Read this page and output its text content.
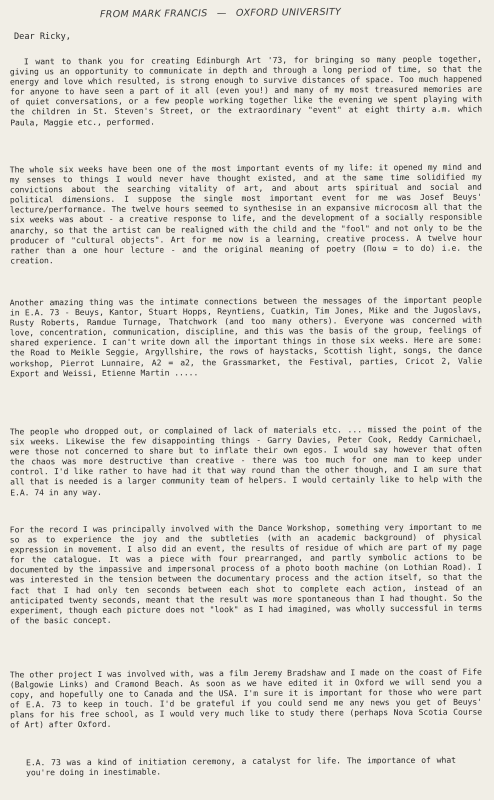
FROM MARK FRANCIS — OXFORD UNIVERSITY
Dear Ricky,

I want to thank you for creating Edinburgh Art '73, for bringing so many people together, giving us an opportunity to communicate in depth and through a long period of time, so that the energy and love which resulted, is strong enough to survive distances of space. Too much happened for anyone to have seen a part of it all (even you!) and many of my most treasured memories are of quiet conversations, or a few people working together like the evening we spent playing with the children in St. Steven's Street, or the extraordinary "event" at eight thirty a.m. which Paula, Maggie etc., performed.

The whole six weeks have been one of the most important events of my life: it opened my mind and my senses to things I would never have thought existed, and at the same time solidified my convictions about the searching vitality of art, and about arts spiritual and social and political dimensions. I suppose the single most important event for me was Josef Beuys' lecture/performance. The twelve hours seemed to synthesise in an expansive microcosm all that the six weeks was about - a creative response to life, and the development of a socially responsible anarchy, so that the artist can be realigned with the child and the "fool" and not only to be the producer of "cultural objects". Art for me now is a learning, creative process. A twelve hour rather than a one hour lecture - and the original meaning of poetry (Ποιω = to do) i.e. the creation.

Another amazing thing was the intimate connections between the messages of the important people in E.A. 73 - Beuys, Kantor, Stuart Hopps, Reyntiens, Cuatkin, Tim Jones, Mike and the Jugoslavs, Rusty Roberts, Ramdue Turnage, Thatchwork (and too many others). Everyone was concerned with love, concentration, communication, discipline, and this was the basis of the group, feelings of shared experience. I can't write down all the important things in those six weeks. Here are some: the Road to Meikle Seggie, Argyllshire, the rows of haystacks, Scottish light, songs, the dance workshop, Pierrot Lunnaire, A2 = a2, the Grassmarket, the Festival, parties, Cricot 2, Valie Export and Weissi, Etienne Martin .....

The people who dropped out, or complained of lack of materials etc. ... missed the point of the six weeks. Likewise the few disappointing things - Garry Davies, Peter Cook, Reddy Carmichael, were those not concerned to share but to inflate their own egos. I would say however that often the chaos was more destructive than creative - there was too much for one man to keep under control. I'd like rather to have had it that way round than the other though, and I am sure that all that is needed is a larger community team of helpers. I would certainly like to help with the E.A. 74 in any way.

For the record I was principally involved with the Dance Workshop, something very important to me so as to experience the joy and the subtleties (with an academic background) of physical expression in movement. I also did an event, the results of residue of which are part of my page for the catalogue. It was a piece with four prearranged, and partly symbolic actions to be documented by the impassive and impersonal process of a photo booth machine (on Lothian Road). I was interested in the tension between the documentary process and the action itself, so that the fact that I had only ten seconds between each shot to complete each action, instead of an anticipated twenty seconds, meant that the result was more spontaneous than I had thought. So the experiment, though each picture does not "look" as I had imagined, was wholly successful in terms of the basic concept.

The other project I was involved with, was a film Jeremy Bradshaw and I made on the coast of Fife (Balgowie Links) and Cramond Beach. As soon as we have edited it in Oxford we will send you a copy, and hopefully one to Canada and the USA. I'm sure it is important for those who were part of E.A. 73 to keep in touch. I'd be grateful if you could send me any news you get of Beuys' plans for his free school, as I would very much like to study there (perhaps Nova Scotia Course of Art) after Oxford.

E.A. 73 was a kind of initiation ceremony, a catalyst for life. The importance of what you're doing in inestimable.
